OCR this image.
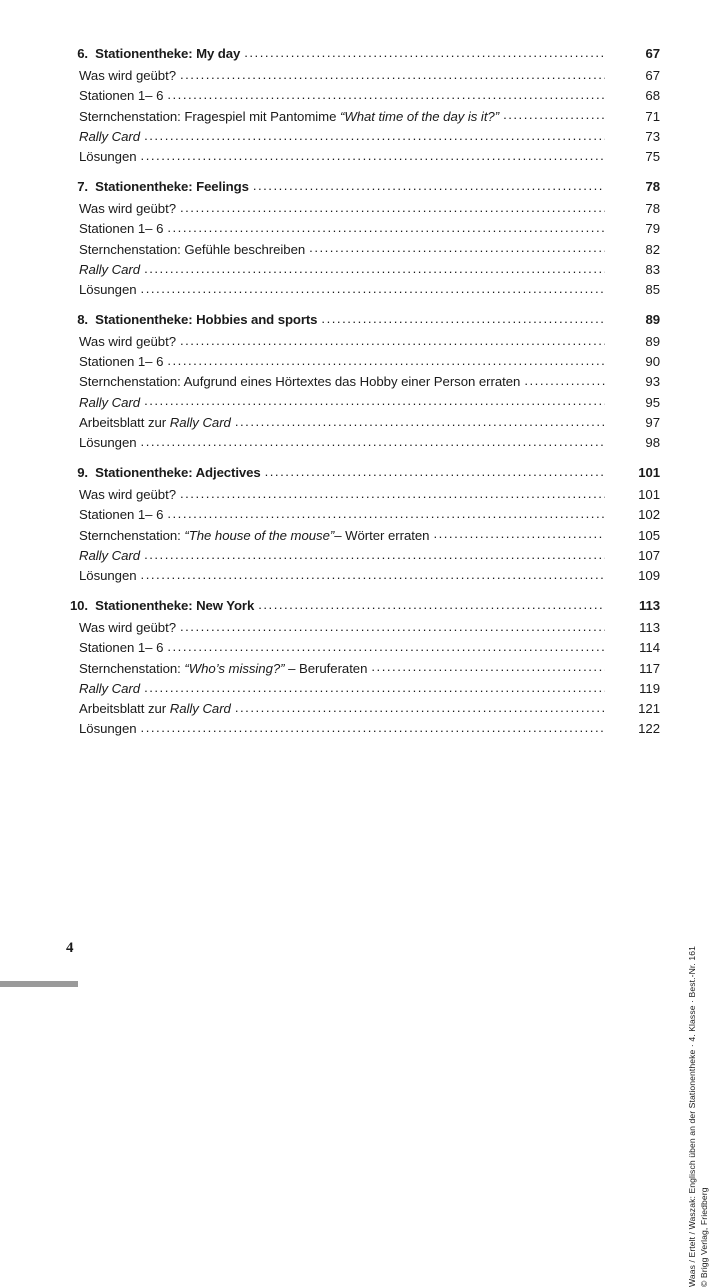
6. Stationentheke: My day .....	67
Was wird geübt? .....	67
Stationen 1– 6 .....	68
Sternchenstation: Fragespiel mit Pantomime “What time of the day is it?” .....	71
Rally Card .....	73
Lösungen .....	75
7. Stationentheke: Feelings .....	78
Was wird geübt? .....	78
Stationen 1– 6 .....	79
Sternchenstation: Gefühle beschreiben .....	82
Rally Card .....	83
Lösungen .....	85
8. Stationentheke: Hobbies and sports .....	89
Was wird geübt? .....	89
Stationen 1– 6 .....	90
Sternchenstation: Aufgrund eines Hörtextes das Hobby einer Person erraten .....	93
Rally Card .....	95
Arbeitsblatt zur Rally Card .....	97
Lösungen .....	98
9. Stationentheke: Adjectives .....	101
Was wird geübt? .....	101
Stationen 1– 6 .....	102
Sternchenstation: “The house of the mouse”– Wörter erraten .....	105
Rally Card .....	107
Lösungen .....	109
10. Stationentheke: New York .....	113
Was wird geübt? .....	113
Stationen 1– 6 .....	114
Sternchenstation: “Who’s missing?” – Beruferaten .....	117
Rally Card .....	119
Arbeitsblatt zur Rally Card .....	121
Lösungen .....	122
Waas / Ertelt / Waszak: Englisch üben an der Stationentheke · 4. Klasse · Best.-Nr. 161 © Brigg Verlag, Friedberg
4
